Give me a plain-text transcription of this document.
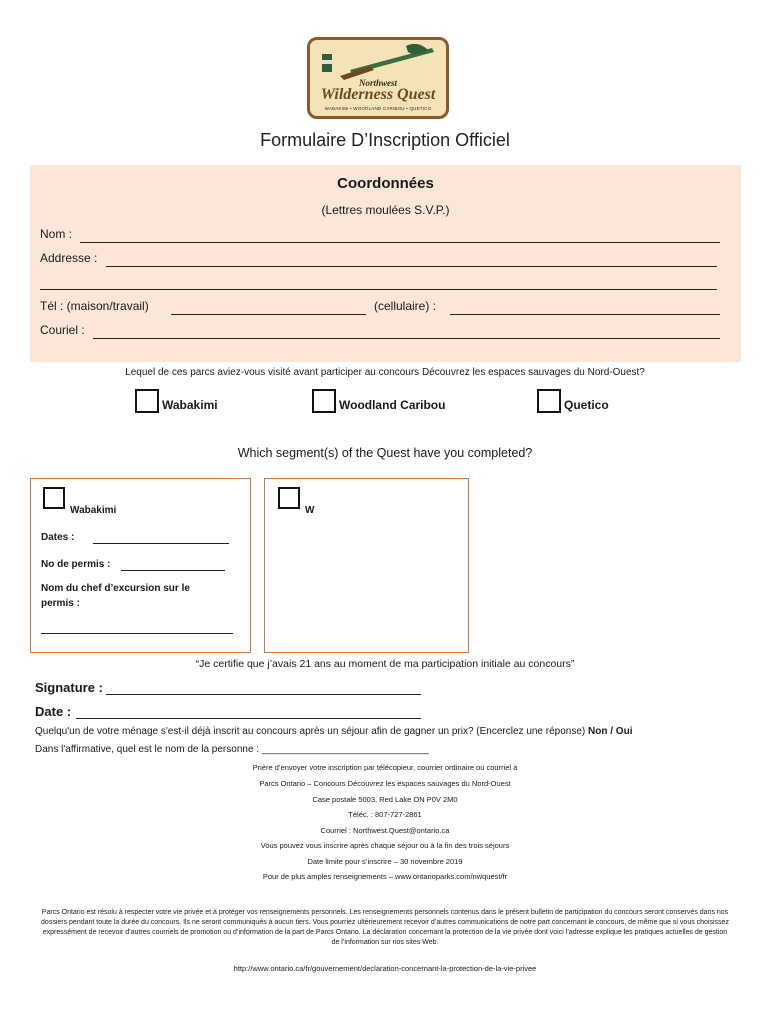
Northwest
Wilderness Quest
WABAKIMI • WOODLAND CARIBOU • QUETICO
Formulaire D’Inscription Officiel
Coordonnées
(Lettres moulées S.V.P.)
Nom :
Addresse :
Tél : (maison/travail)	(cellulaire) :
Couriel :
Lequel de ces parcs aviez-vous visité avant participer au concours Découvrez les espaces sauvages du Nord-Ouest?
Wabakimi	Woodland Caribou	Quetico
Which segment(s) of the Quest have you completed?
Wabakimi
Dates :
No de permis :
Nom du chef d’excursion sur le permis :
W
“Je certifie que j’avais 21 ans au moment de ma participation initiale au concours”
Signature :
Date :
Quelqu'un de votre ménage s'est-il déjà inscrit au concours après un séjour afin de gagner un prix? (Encerclez une réponse) Non / Oui
Dans l'affirmative, quel est le nom de la personne : ______________________________
Prière d’envoyer votre inscription par télécopieur, courrier ordinaire ou courriel à
Parcs Ontario – Concours Découvrez les espaces sauvages du Nord-Ouest
Case postale 5003, Red Lake ON P0V 2M0
Téléc. : 807-727-2861
Courriel : Northwest.Quest@ontario.ca
Vous pouvez vous inscrire après chaque séjour ou à la fin des trois séjours
Date limite pour s’inscrire – 30 novembre 2019
Pour de plus amples renseignements – www.ontarioparks.com/nwquest/fr
Parcs Ontario est résolu à respecter votre vie privée et à protéger vos renseignements personnels. Les renseignements personnels contenus dans le présent bulletin de participation du concours seront conservés dans nos dossiers pendant toute la durée du concours. Ils ne seront communiqués à aucun tiers. Vous pourriez ultérieurement recevoir d’autres communications de notre part concernant le concours, de même que si vous choisissez expressément de recevoir d’autres courriels de promotion ou d’information de la part de Parcs Ontario. La déclaration concernant la protection de la vie privée dont voici l’adresse explique les pratiques actuelles de gestion de l’information sur nos sites Web.
http://www.ontario.ca/fr/gouvernement/declaration-concernant-la-protection-de-la-vie-privee
